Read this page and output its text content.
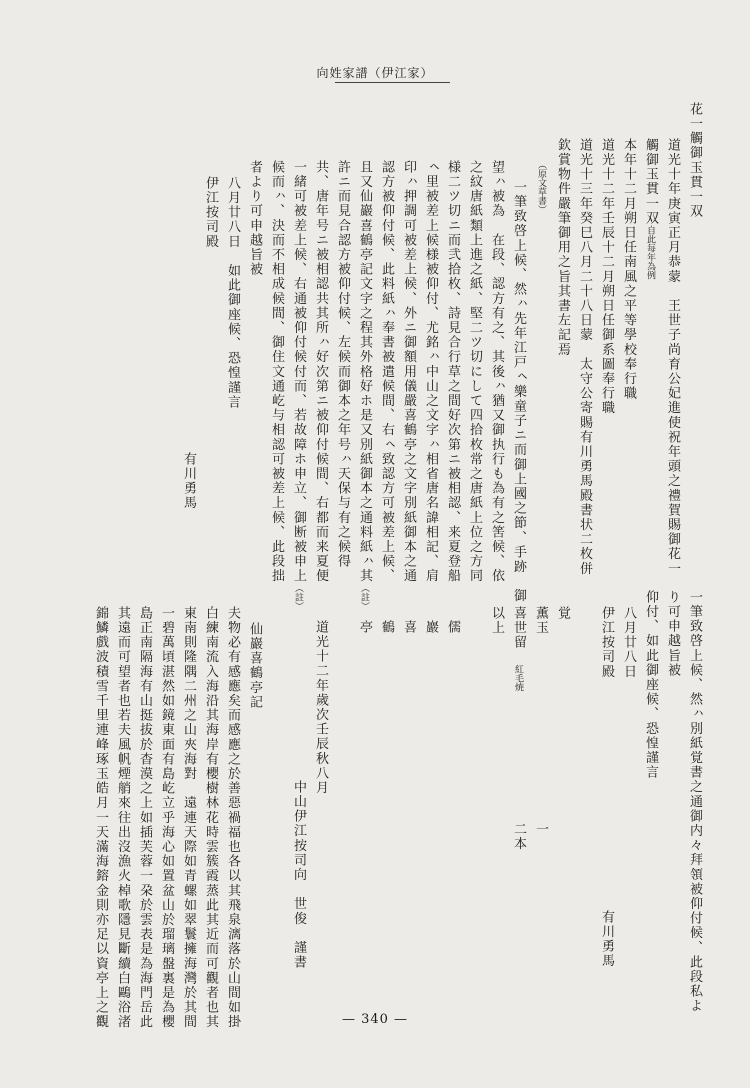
向姓家譜（伊江家）
花一觸御玉貫一双
道光十年庚寅正月恭蒙　王世子尚育公妃進使祝年頭之禮賀賜御花一
觸御玉貫一双自此每年為例
本年十二月朔日任南風之平等學校奉行職
道光十二年壬辰十二月朔日任御系圖奉行職
道光十三年癸巳八月二十八日蒙　太守公寄賜有川勇馬殿書状二枚併
欽賞物件嚴筆御用之旨其書左記焉
（原文草書）
一筆致啓上候、然ㇵ先年江戸ㇸ樂童子ニ而御上國之節、手跡　御
望ㇵ被為　在段、認方有之、其後ㇵ猶又御执行も為有之筈候、依
之紋唐紙類上進之紙、堅二ツ切にして四拾枚常之唐紙上位之方同
様二ツ切ニ而弐拾枚、詩見合行草之間好次第ニ被相認、来夏登船
ㇸ里被差上候様被仰付、尤銘ㇵ中山之文字ㇵ相省唐名諱相記、肩
印ㇵ押調可被差上候、外ニ御額用儀嚴喜鶴亭之文字別紙御本之通
認方被仰付候、此料紙ㇵ奉書被遣候間、右ㇸ致認方可被差上候、
且又仙巖喜鶴亭記文字之程其外格好ホ是又別紙御本之通料紙ㇵ其（註）
許ニ而見合認方被仰付候、左候而御本之年号ㇵ天保与有之候得
共、唐年号ニ被相認共其所ㇵ好次第ニ被仰付候間、右都而来夏便
一緒可被差上候、右通被仰付候付而、若故障ホ申立、御断被申上（註）
候而ㇵ、決而不相成候間、御住文通屹与相認可被差上候、此段拙
者より可申越旨被
八月廿八日　如此御座候、恐惶謹言
伊江按司殿
有川勇馬
一筆致啓上候、然ㇵ別紙覚書之通御内々拜領被仰付候、此段私よ
り可申越旨被
仰付、如此御座候、恐惶謹言
八月廿八日
伊江按司殿
有川勇馬
覚
薫玉
一
喜世留　紅毛焼
二本
以上
儒
巖
喜
鶴
亭
道光十二年歲次壬辰秋八月
中山伊江按司向　世俊　謹書
仙巖喜鶴亭記
夫物必有感應矣而感應之於善惡禍福也各以其飛泉漓落於山間如掛
白練南流入海沿其海岸有櫻樹林花時雲簇霞蒸此其近而可觀者也其
東南則隆隅二州之山夾海對　遠連天際如青螺如翠鬟擁海灣於其間
一碧萬頃湛然如鏡東面有島屹立乎海心如置盆山於瑠璃盤裏是為櫻
島正南隔海有山挺拔於杳漠之上如插芙蓉一朶於雲表是為海門岳此
其遠而可望者也若夫風帆煙艄來往出沒漁火棹歌隱見斷續白鷗浴渚
錦鱗戲波積雪千里連峰琢玉皓月一天滿海鎔金則亦足以資亭上之觀	— 340 —
